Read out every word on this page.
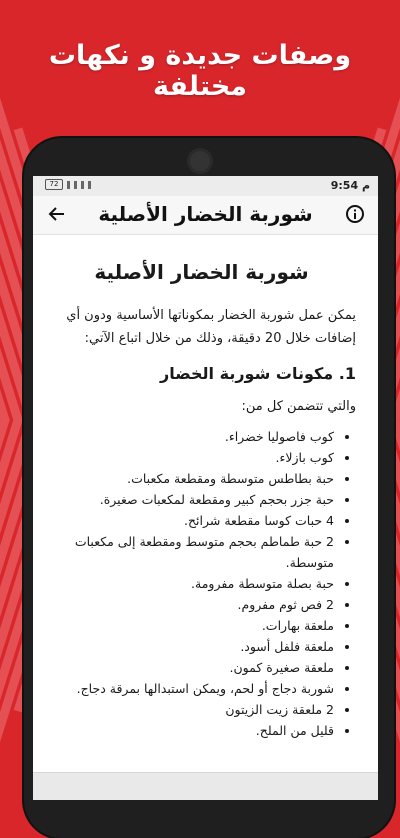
وصفات جديدة و نكهات مختلفة
72	9:54 م
شوربة الخضار الأصلية
شوربة الخضار الأصلية

يمكن عمل شوربة الخضار بمكوناتها الأساسية ودون أي إضافات خلال 20 دقيقة، وذلك من خلال اتباع الآتي:

1. مكونات شوربة الخضار
والتي تتضمن كل من:
• كوب فاصوليا خضراء.
• كوب بازلاء.
• حبة بطاطس متوسطة ومقطعة مكعبات.
• حبة جزر بحجم كبير ومقطعة لمكعبات صغيرة.
• 4 حبات كوسا مقطعة شرائح.
• 2 حبة طماطم بحجم متوسط ومقطعة إلى مكعبات متوسطة.
• حبة بصلة متوسطة مفرومة.
• 2 فص ثوم مفروم.
• ملعقة بهارات.
• ملعقة فلفل أسود.
• ملعقة صغيرة كمون.
• شوربة دجاج أو لحم، ويمكن استبدالها بمرقة دجاج.
• 2 ملعقة زيت الزيتون
• قليل من الملح.
